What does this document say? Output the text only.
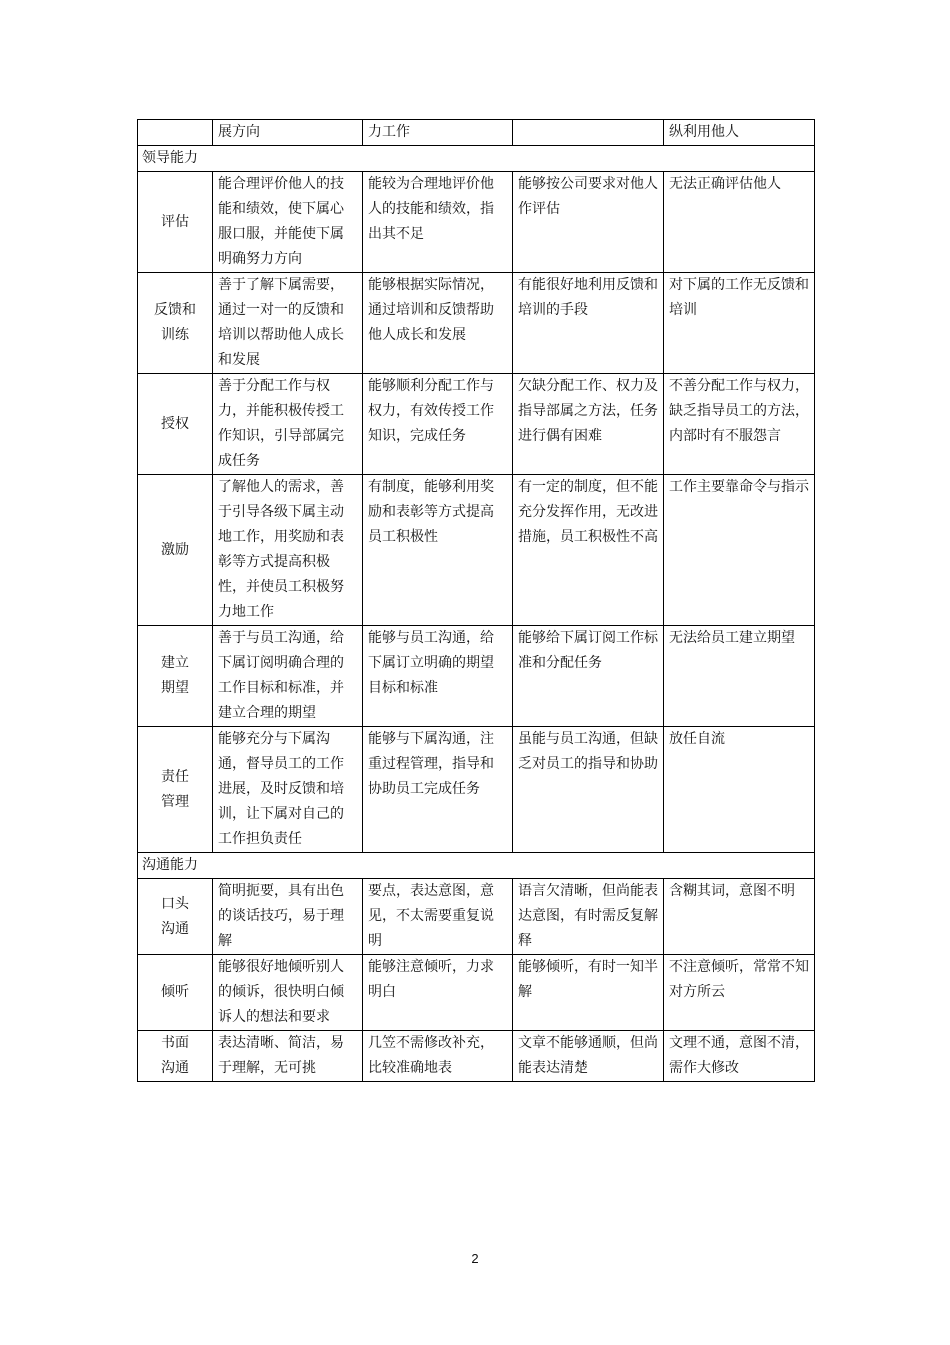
	展方向	力工作		纵利用他人
领导能力				
评估	能合理评价他人的技能和绩效，使下属心服口服，并能使下属明确努力方向	能较为合理地评价他人的技能和绩效，指出其不足	能够按公司要求对他人作评估	无法正确评估他人
反馈和
训练	善于了解下属需要，通过一对一的反馈和培训以帮助他人成长和发展	能够根据实际情况，通过培训和反馈帮助他人成长和发展	有能很好地利用反馈和培训的手段	对下属的工作无反馈和培训
授权	善于分配工作与权力，并能积极传授工作知识，引导部属完成任务	能够顺利分配工作与权力，有效传授工作知识，完成任务	欠缺分配工作、权力及指导部属之方法，任务进行偶有困难	不善分配工作与权力，缺乏指导员工的方法，内部时有不服怨言
激励	了解他人的需求，善于引导各级下属主动地工作，用奖励和表彰等方式提高积极性，并使员工积极努力地工作	有制度，能够利用奖励和表彰等方式提高员工积极性	有一定的制度，但不能充分发挥作用，无改进措施，员工积极性不高	工作主要靠命令与指示
建立
期望	善于与员工沟通，给下属订阅明确合理的工作目标和标准，并建立合理的期望	能够与员工沟通，给下属订立明确的期望目标和标准	能够给下属订阅工作标准和分配任务	无法给员工建立期望
责任
管理	能够充分与下属沟通，督导员工的工作进展，及时反馈和培训，让下属对自己的工作担负责任	能够与下属沟通，注重过程管理，指导和协助员工完成任务	虽能与员工沟通，但缺乏对员工的指导和协助	放任自流
沟通能力				
口头
沟通	简明扼要，具有出色的谈话技巧，易于理解	要点，表达意图，意见，不太需要重复说明	语言欠清晰，但尚能表达意图，有时需反复解释	含糊其词，意图不明
倾听	能够很好地倾听别人的倾诉，很快明白倾诉人的想法和要求	能够注意倾听，力求明白	能够倾听，有时一知半解	不注意倾听，常常不知对方所云
书面
沟通	表达清晰、简洁，易于理解，无可挑	几笠不需修改补充，比较准确地表	文章不能够通顺，但尚能表达清楚	文理不通，意图不清，需作大修改
2
